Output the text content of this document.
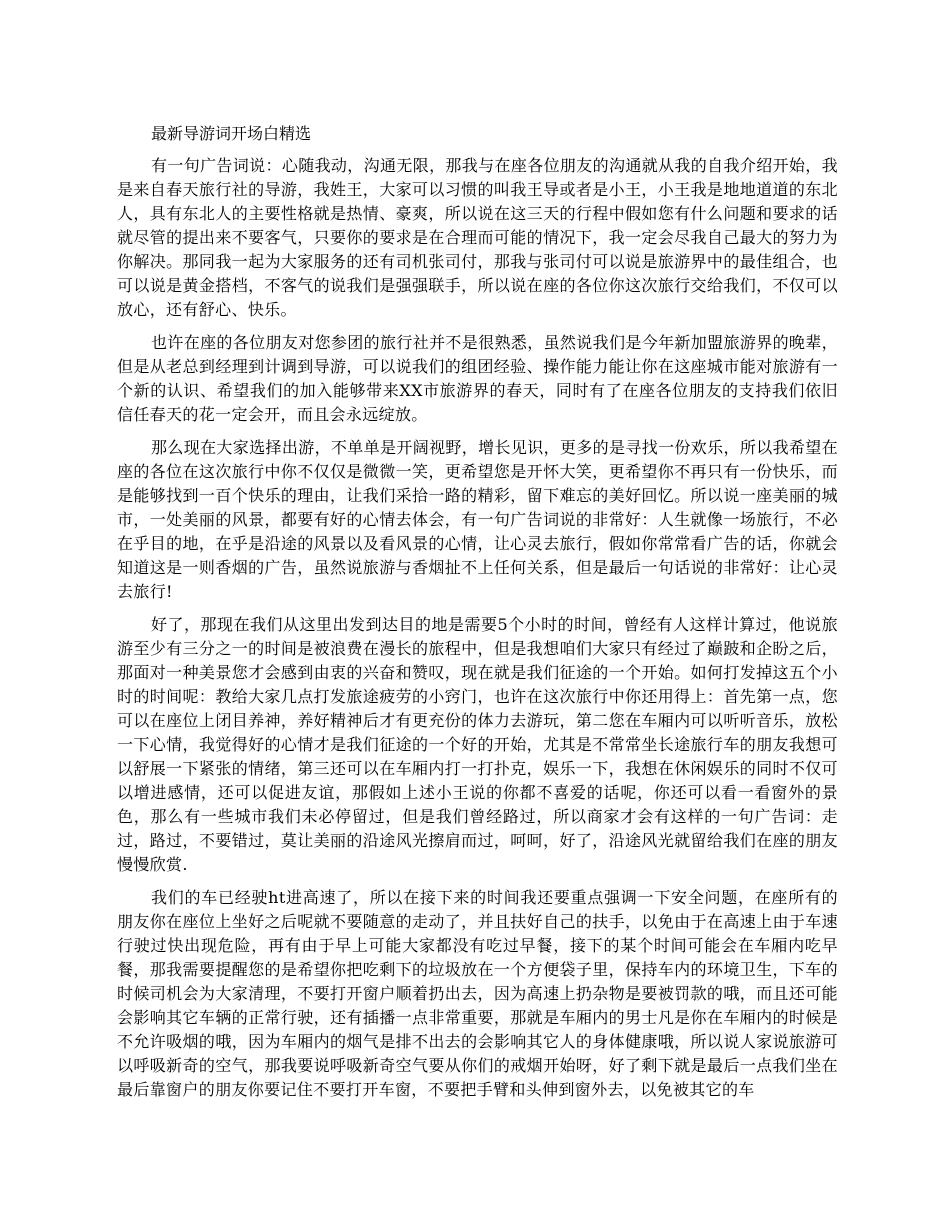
最新导游词开场白精选

有一句广告词说：心随我动，沟通无限，那我与在座各位朋友的沟通就从我的自我介绍开始，我是来自春天旅行社的导游，我姓王，大家可以习惯的叫我王导或者是小王，小王我是地地道道的东北人，具有东北人的主要性格就是热情、豪爽，所以说在这三天的行程中假如您有什么问题和要求的话就尽管的提出来不要客气，只要你的要求是在合理而可能的情况下，我一定会尽我自己最大的努力为你解决。那同我一起为大家服务的还有司机张司付，那我与张司付可以说是旅游界中的最佳组合，也可以说是黄金搭档，不客气的说我们是强强联手，所以说在座的各位你这次旅行交给我们，不仅可以放心，还有舒心、快乐。

也许在座的各位朋友对您参团的旅行社并不是很熟悉，虽然说我们是今年新加盟旅游界的晚辈，但是从老总到经理到计调到导游，可以说我们的组团经验、操作能力能让你在这座城市能对旅游有一个新的认识、希望我们的加入能够带来XX市旅游界的春天，同时有了在座各位朋友的支持我们依旧信任春天的花一定会开，而且会永远绽放。

那么现在大家选择出游，不单单是开阔视野，增长见识，更多的是寻找一份欢乐，所以我希望在座的各位在这次旅行中你不仅仅是微微一笑，更希望您是开怀大笑，更希望你不再只有一份快乐，而是能够找到一百个快乐的理由，让我们采拾一路的精彩，留下难忘的美好回忆。所以说一座美丽的城市，一处美丽的风景，都要有好的心情去体会，有一句广告词说的非常好：人生就像一场旅行，不必在乎目的地，在乎是沿途的风景以及看风景的心情，让心灵去旅行，假如你常常看广告的话，你就会知道这是一则香烟的广告，虽然说旅游与香烟扯不上任何关系，但是最后一句话说的非常好：让心灵去旅行!

好了，那现在我们从这里出发到达目的地是需要5个小时的时间，曾经有人这样计算过，他说旅游至少有三分之一的时间是被浪费在漫长的旅程中，但是我想咱们大家只有经过了巅跛和企盼之后，那面对一种美景您才会感到由衷的兴奋和赞叹，现在就是我们征途的一个开始。如何打发掉这五个小时的时间呢：教给大家几点打发旅途疲劳的小窍门，也许在这次旅行中你还用得上：首先第一点，您可以在座位上闭目养神，养好精神后才有更充份的体力去游玩，第二您在车厢内可以听听音乐，放松一下心情，我觉得好的心情才是我们征途的一个好的开始，尤其是不常常坐长途旅行车的朋友我想可以舒展一下紧张的情绪，第三还可以在车厢内打一打扑克，娱乐一下，我想在休闲娱乐的同时不仅可以增进感情，还可以促进友谊，那假如上述小王说的你都不喜爱的话呢，你还可以看一看窗外的景色，那么有一些城市我们未必停留过，但是我们曾经路过，所以商家才会有这样的一句广告词：走过，路过，不要错过，莫让美丽的沿途风光擦肩而过，呵呵，好了，沿途风光就留给我们在座的朋友慢慢欣赏.

我们的车已经驶ht进高速了，所以在接下来的时间我还要重点强调一下安全问题，在座所有的朋友你在座位上坐好之后呢就不要随意的走动了，并且扶好自己的扶手，以免由于在高速上由于车速行驶过快出现危险，再有由于早上可能大家都没有吃过早餐，接下的某个时间可能会在车厢内吃早餐，那我需要提醒您的是希望你把吃剩下的垃圾放在一个方便袋子里，保持车内的环境卫生，下车的时候司机会为大家清理，不要打开窗户顺着扔出去，因为高速上扔杂物是要被罚款的哦，而且还可能会影响其它车辆的正常行驶，还有插播一点非常重要，那就是车厢内的男士凡是你在车厢内的时候是不允许吸烟的哦，因为车厢内的烟气是排不出去的会影响其它人的身体健康哦，所以说人家说旅游可以呼吸新奇的空气，那我要说呼吸新奇空气要从你们的戒烟开始呀，好了剩下就是最后一点我们坐在最后靠窗户的朋友你要记住不要打开车窗，不要把手臂和头伸到窗外去，以免被其它的车
